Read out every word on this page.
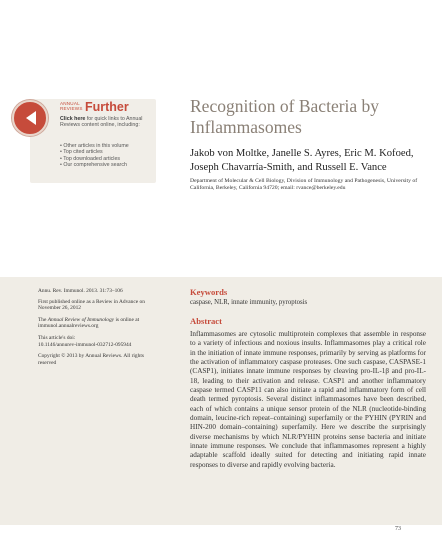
ANNUAL
REVIEWS Further
Click here for quick links to Annual Reviews content online, including:
• Other articles in this volume
• Top cited articles
• Top downloaded articles
• Our comprehensive search
Recognition of Bacteria by Inflammasomes
Jakob von Moltke, Janelle S. Ayres, Eric M. Kofoed, Joseph Chavarría-Smith, and Russell E. Vance
Department of Molecular & Cell Biology, Division of Immunology and Pathogenesis, University of California, Berkeley, California 94720; email: rvance@berkeley.edu

Annu. Rev. Immunol. 2013. 31:73–106

First published online as a Review in Advance on November 26, 2012

The Annual Review of Immunology is online at immunol.annualreviews.org

This article's doi:
10.1146/annurev-immunol-032712-095944

Copyright © 2013 by Annual Reviews. All rights reserved

Keywords
caspase, NLR, innate immunity, pyroptosis
Abstract

Inflammasomes are cytosolic multiprotein complexes that assemble in response to a variety of infectious and noxious insults. Inflammasomes play a critical role in the initiation of innate immune responses, primarily by serving as platforms for the activation of inflammatory caspase proteases. One such caspase, CASPASE-1 (CASP1), initiates innate immune responses by cleaving pro-IL-1β and pro-IL-18, leading to their activation and release. CASP1 and another inflammatory caspase termed CASP11 can also initiate a rapid and inflammatory form of cell death termed pyroptosis. Several distinct inflammasomes have been described, each of which contains a unique sensor protein of the NLR (nucleotide-binding domain, leucine-rich repeat–containing) superfamily or the PYHIN (PYRIN and HIN-200 domain–containing) superfamily. Here we describe the surprisingly diverse mechanisms by which NLR/PYHIN proteins sense bacteria and initiate innate immune responses. We conclude that inflammasomes represent a highly adaptable scaffold ideally suited for detecting and initiating rapid innate responses to diverse and rapidly evolving bacteria.

73
